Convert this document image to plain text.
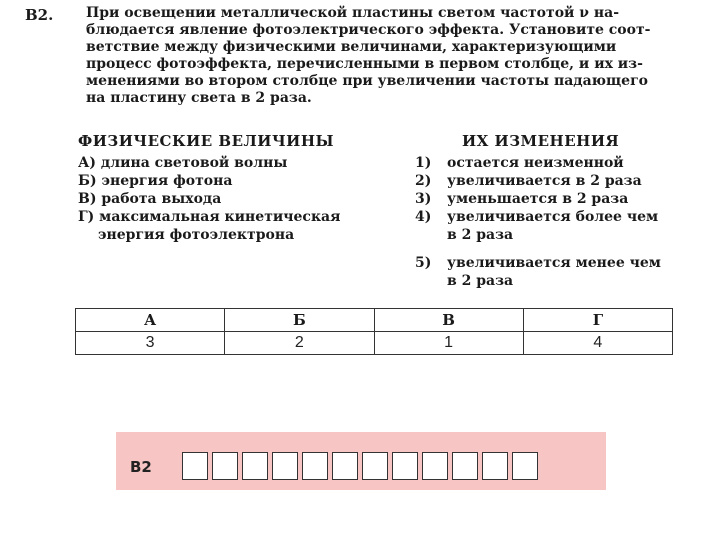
В2. При освещении металлической пластины светом частотой ν на-
блюдается явление фотоэлектрического эффекта. Установите соот-
ветствие между физическими величинами, характеризующими
процесс фотоэффекта, перечисленными в первом столбце, и их из-
менениями во втором столбце при увеличении частоты падающего
на пластину света в 2 раза.
ФИЗИЧЕСКИЕ ВЕЛИЧИНЫ	ИХ ИЗМЕНЕНИЯ
А) длина световой волны
Б) энергия фотона
В) работа выхода
Г) максимальная кинетическая
энергия фотоэлектрона
1)	остается неизменной
2)	увеличивается в 2 раза
3)	уменьшается в 2 раза
4)	увеличивается более чем
в 2 раза
5)	увеличивается менее чем
в 2 раза
А	Б	В	Г
3	2	1	4
В2
